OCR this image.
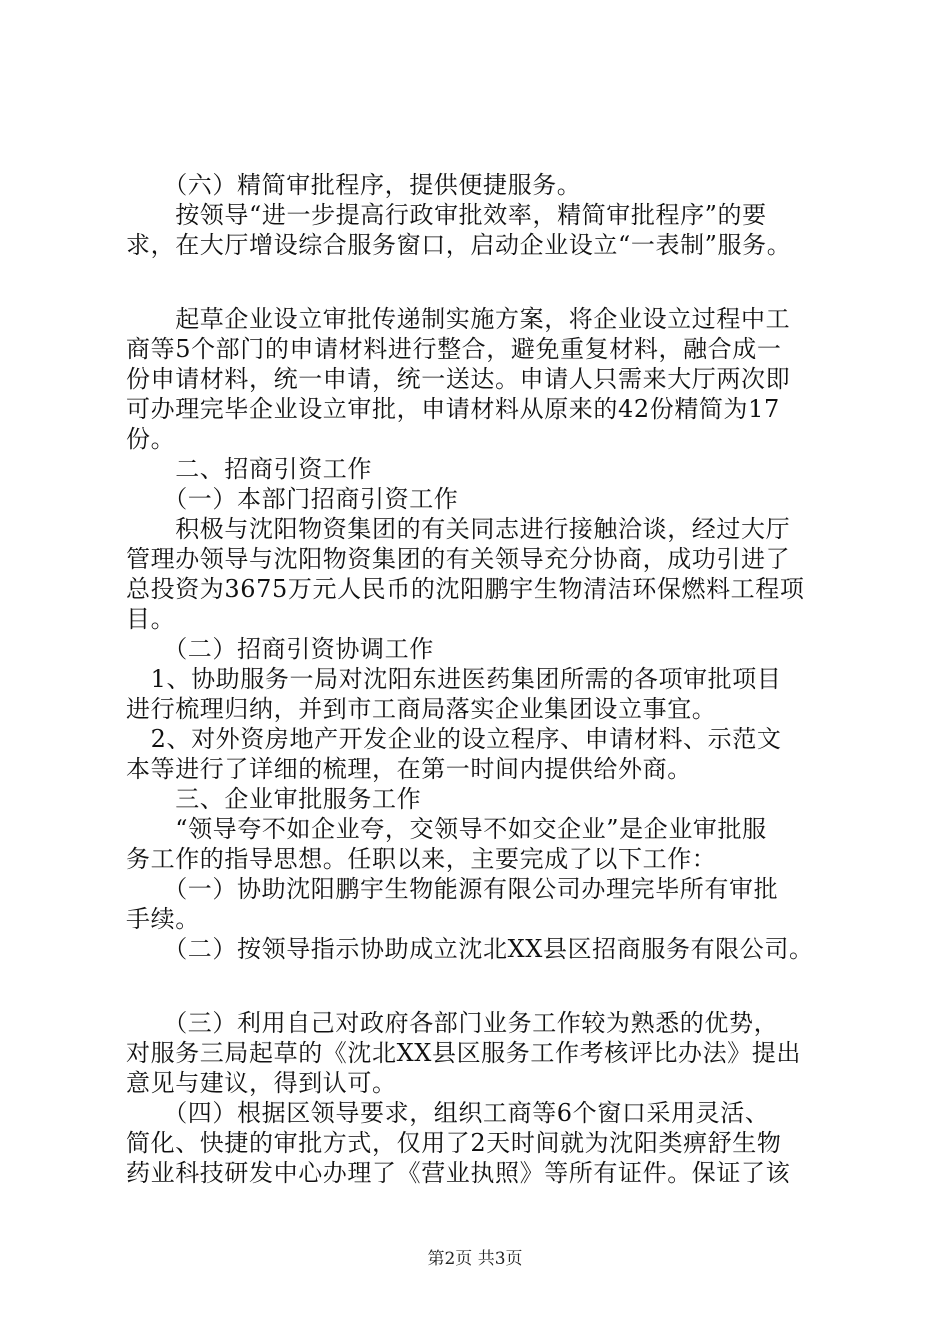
　　（六）精简审批程序，提供便捷服务。
　　按领导“进一步提高行政审批效率，精简审批程序”的要
求，在大厅增设综合服务窗口，启动企业设立“一表制”服务。
　　起草企业设立审批传递制实施方案，将企业设立过程中工
商等5个部门的申请材料进行整合，避免重复材料，融合成一
份申请材料，统一申请，统一送达。申请人只需来大厅两次即
可办理完毕企业设立审批，申请材料从原来的42份精简为17
份。
　　二、招商引资工作
　　（一）本部门招商引资工作
　　积极与沈阳物资集团的有关同志进行接触洽谈，经过大厅
管理办领导与沈阳物资集团的有关领导充分协商，成功引进了
总投资为3675万元人民币的沈阳鹏宇生物清洁环保燃料工程项
目。
　　（二）招商引资协调工作
　1、协助服务一局对沈阳东进医药集团所需的各项审批项目
进行梳理归纳，并到市工商局落实企业集团设立事宜。
　2、对外资房地产开发企业的设立程序、申请材料、示范文
本等进行了详细的梳理，在第一时间内提供给外商。
　　三、企业审批服务工作
　　“领导夸不如企业夸，交领导不如交企业”是企业审批服
务工作的指导思想。任职以来，主要完成了以下工作：
　　（一）协助沈阳鹏宇生物能源有限公司办理完毕所有审批
手续。
　　（二）按领导指示协助成立沈北XX县区招商服务有限公司。
　　（三）利用自己对政府各部门业务工作较为熟悉的优势，
对服务三局起草的《沈北XX县区服务工作考核评比办法》提出
意见与建议，得到认可。
　　（四）根据区领导要求，组织工商等6个窗口采用灵活、
简化、快捷的审批方式，仅用了2天时间就为沈阳类痹舒生物
药业科技研发中心办理了《营业执照》等所有证件。保证了该
第2页 共3页
